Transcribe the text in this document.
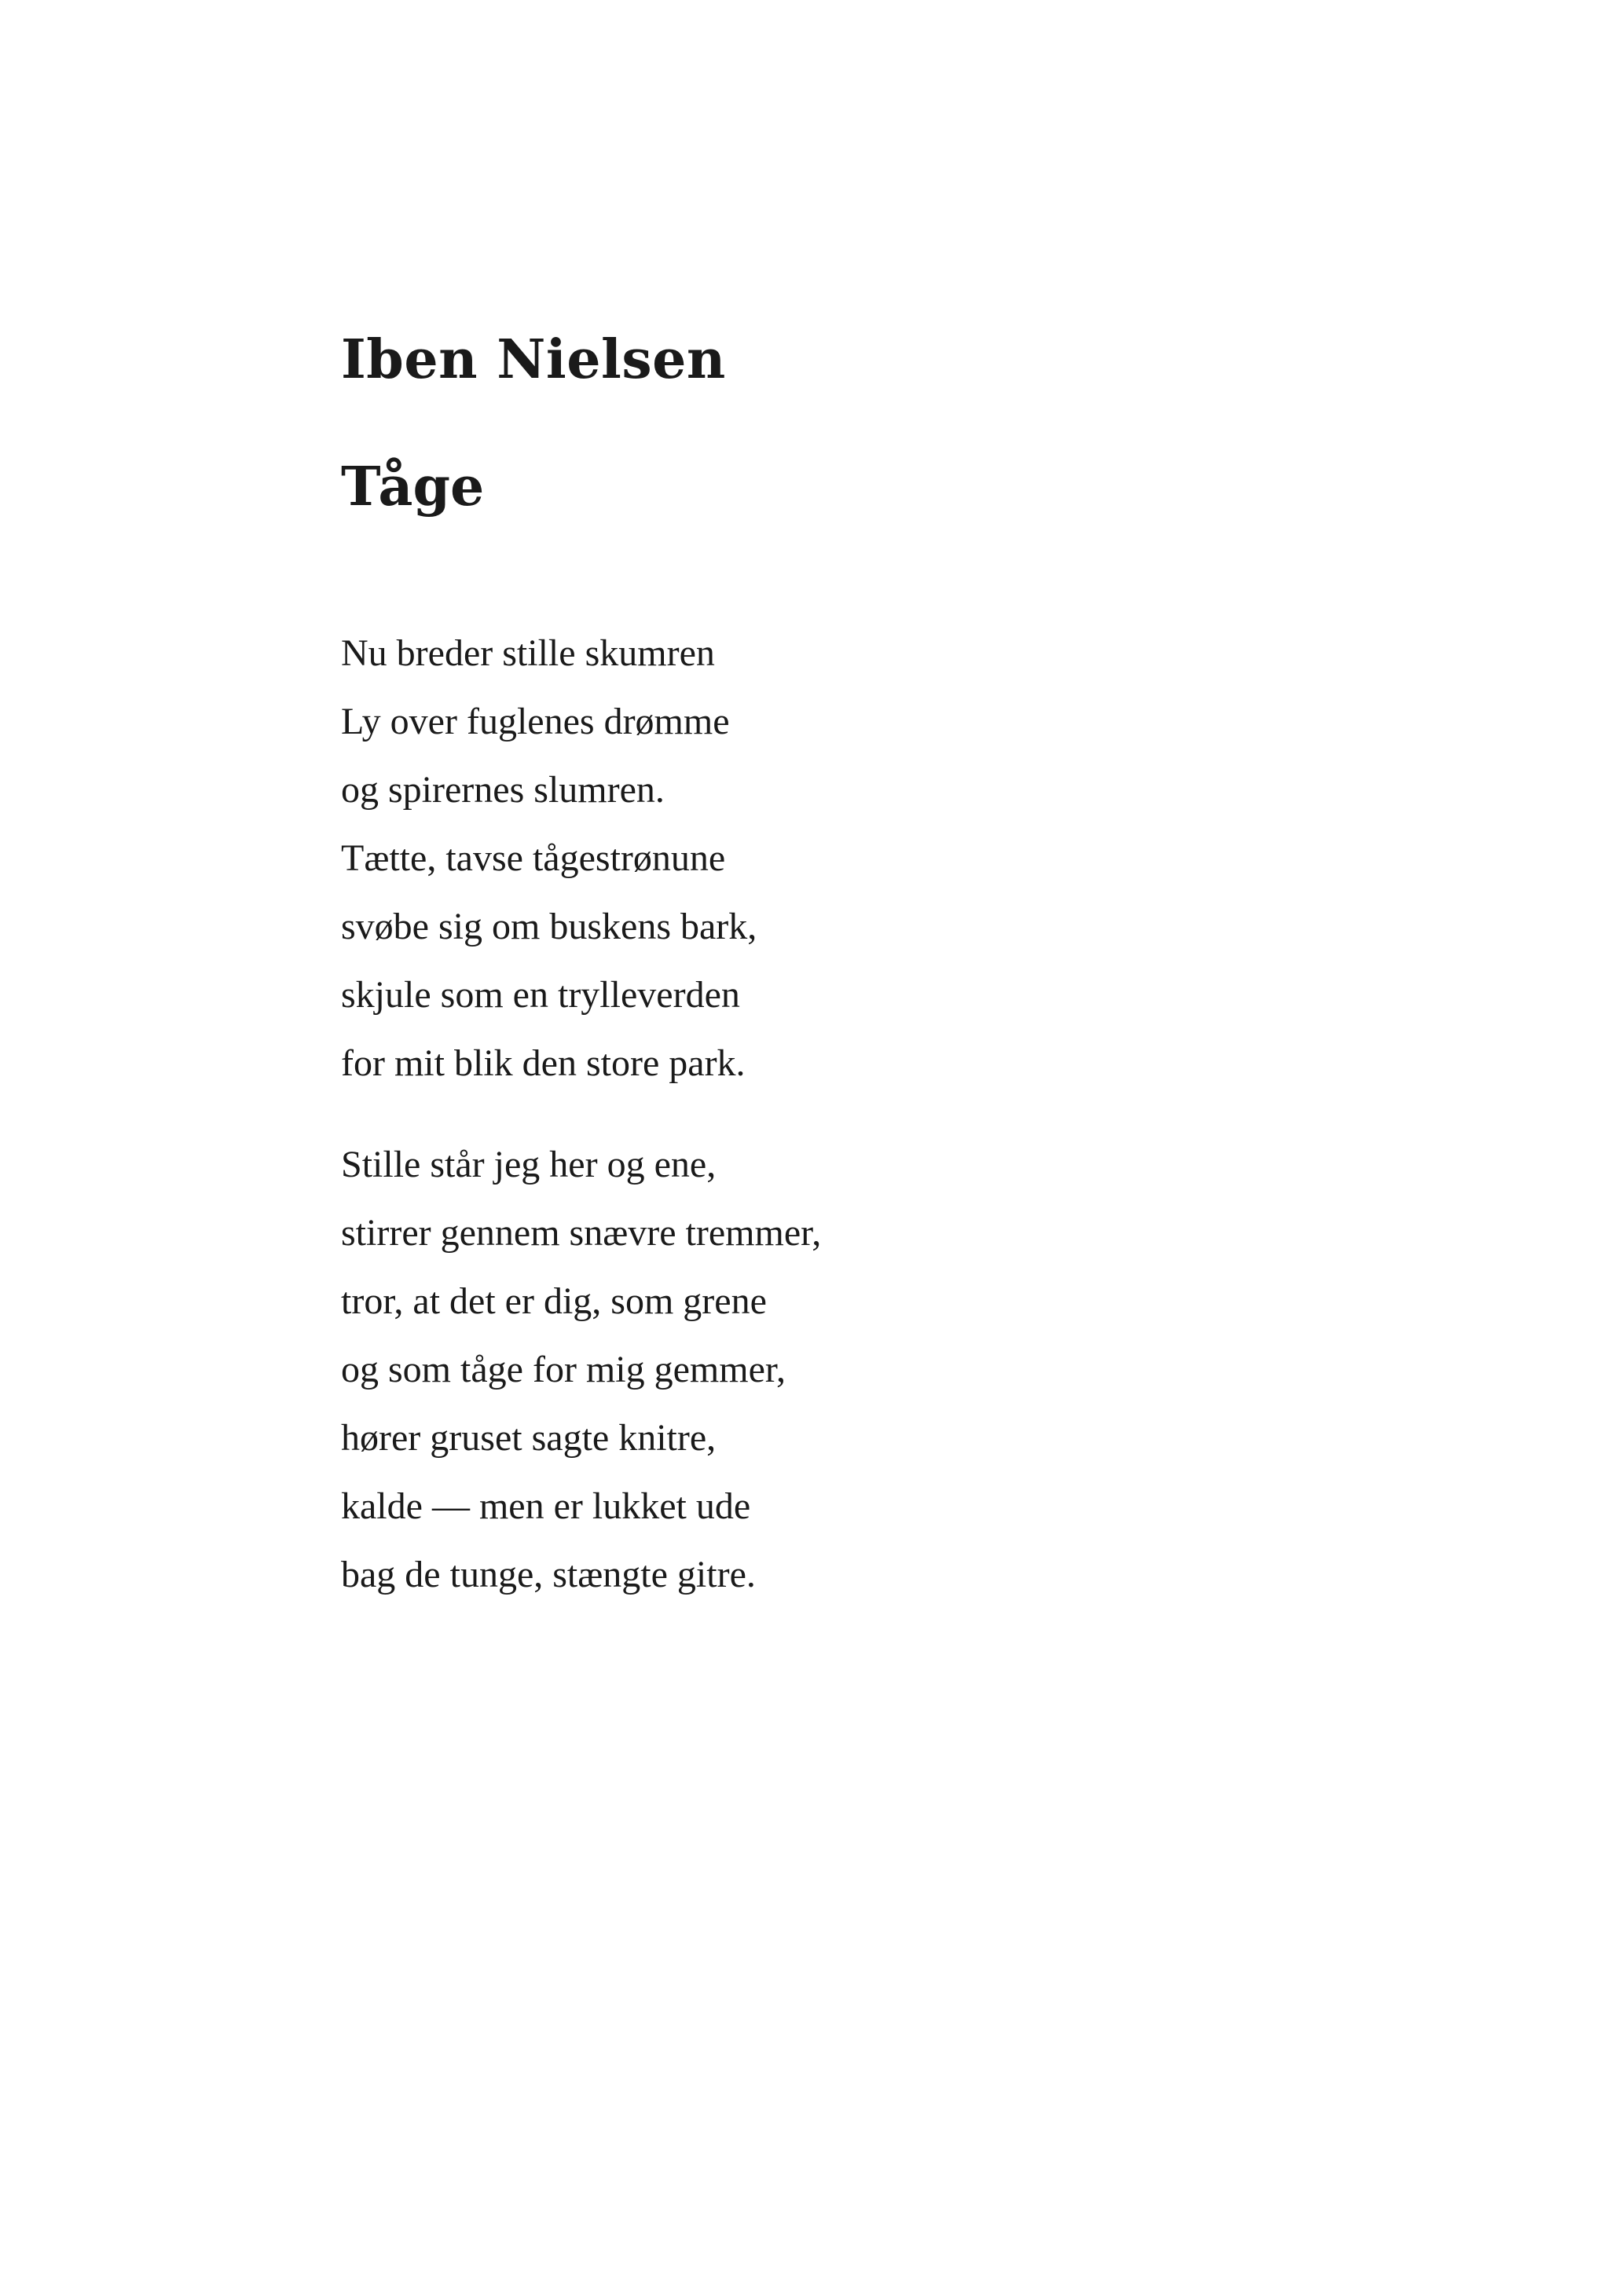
Iben Nielsen
Tåge
Nu breder stille skumren
Ly over fuglenes drømme
og spirernes slumren.
Tætte, tavse tågestrønune
svøbe sig om buskens bark,
skjule som en trylleverden
for mit blik den store park.
Stille står jeg her og ene,
stirrer gennem snævre tremmer,
tror, at det er dig, som grene
og som tåge for mig gemmer,
hører gruset sagte knitre,
kalde — men er lukket ude
bag de tunge, stængte gitre.
